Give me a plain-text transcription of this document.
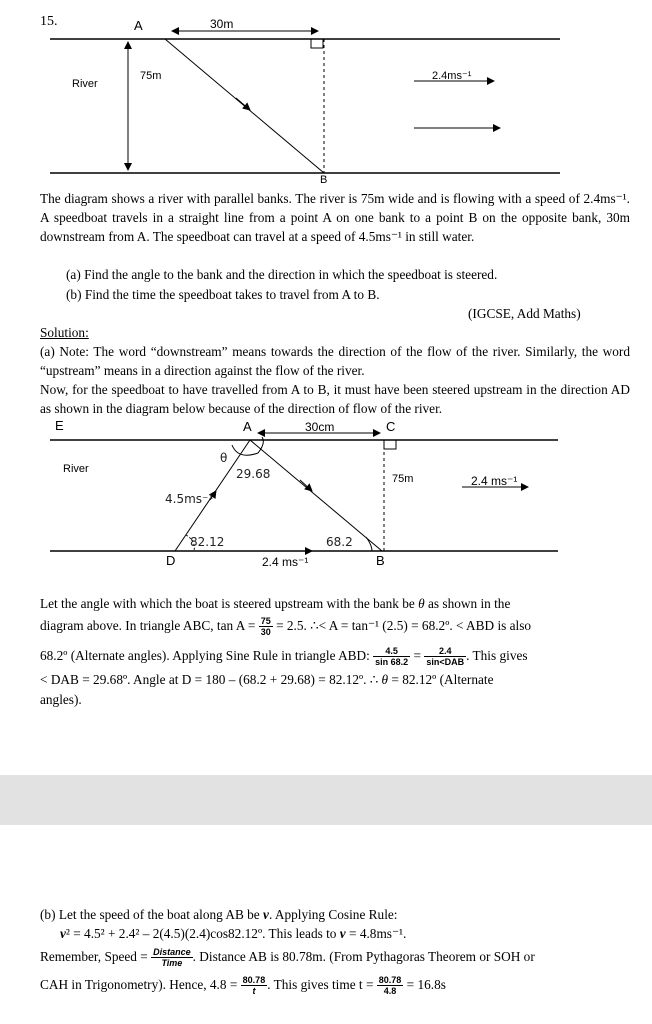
15.	A	30m
River
75m	2.4ms⁻¹
B
The diagram shows a river with parallel banks. The river is 75m wide and is flowing with a speed of 2.4ms⁻¹. A speedboat travels in a straight line from a point A on one bank to a point B on the opposite bank, 30m downstream from A. The speedboat can travel at a speed of 4.5ms⁻¹ in still water.
(a) Find the angle to the bank and the direction in which the speedboat is steered.
(b) Find the time the speedboat takes to travel from A to B.
(IGCSE, Add Maths)
Solution:
(a) Note: The word “downstream” means towards the direction of the flow of the river. Similarly, the word “upstream” means in a direction against the flow of the river.
Now, for the speedboat to have travelled from A to B, it must have been steered upstream in the direction AD as shown in the diagram below because of the direction of flow of the river.
E	A	30cm	C
River
75m	2.4 ms⁻¹
D	2.4 ms⁻¹	B
θ
29.68
4.5ms⁻¹
82.12	68.2
Let the angle with which the boat is steered upstream with the bank be θ as shown in the
diagram above. In triangle ABC, $\tan A = \frac{75}{30} = 2.5$. ∴< A = tan⁻¹ (2.5) = 68.2º. < ABD is also
68.2º (Alternate angles). Applying Sine Rule in triangle ABD: $\frac{4.5}{\sin 68.2} = \frac{2.4}{\text{sin<DAB}}$ . This gives
< DAB = 29.68º. Angle at D = 180 – (68.2 + 29.68) = 82.12º. ∴ θ = 82.12º (Alternate
angles).
(b) Let the speed of the boat along AB be v. Applying Cosine Rule:
v² = 4.5² + 2.4² – 2(4.5)(2.4)cos82.12º. This leads to v = 4.8ms⁻¹.
Remember, Speed = $\frac{\text{Distance}}{\text{Time}}$ . Distance AB is 80.78m. (From Pythagoras Theorem or SOH or
CAH in Trigonometry). Hence, $4.8 = \frac{80.78}{t}$ . This gives time $t = \frac{80.78}{4.8} = 16.8s$
